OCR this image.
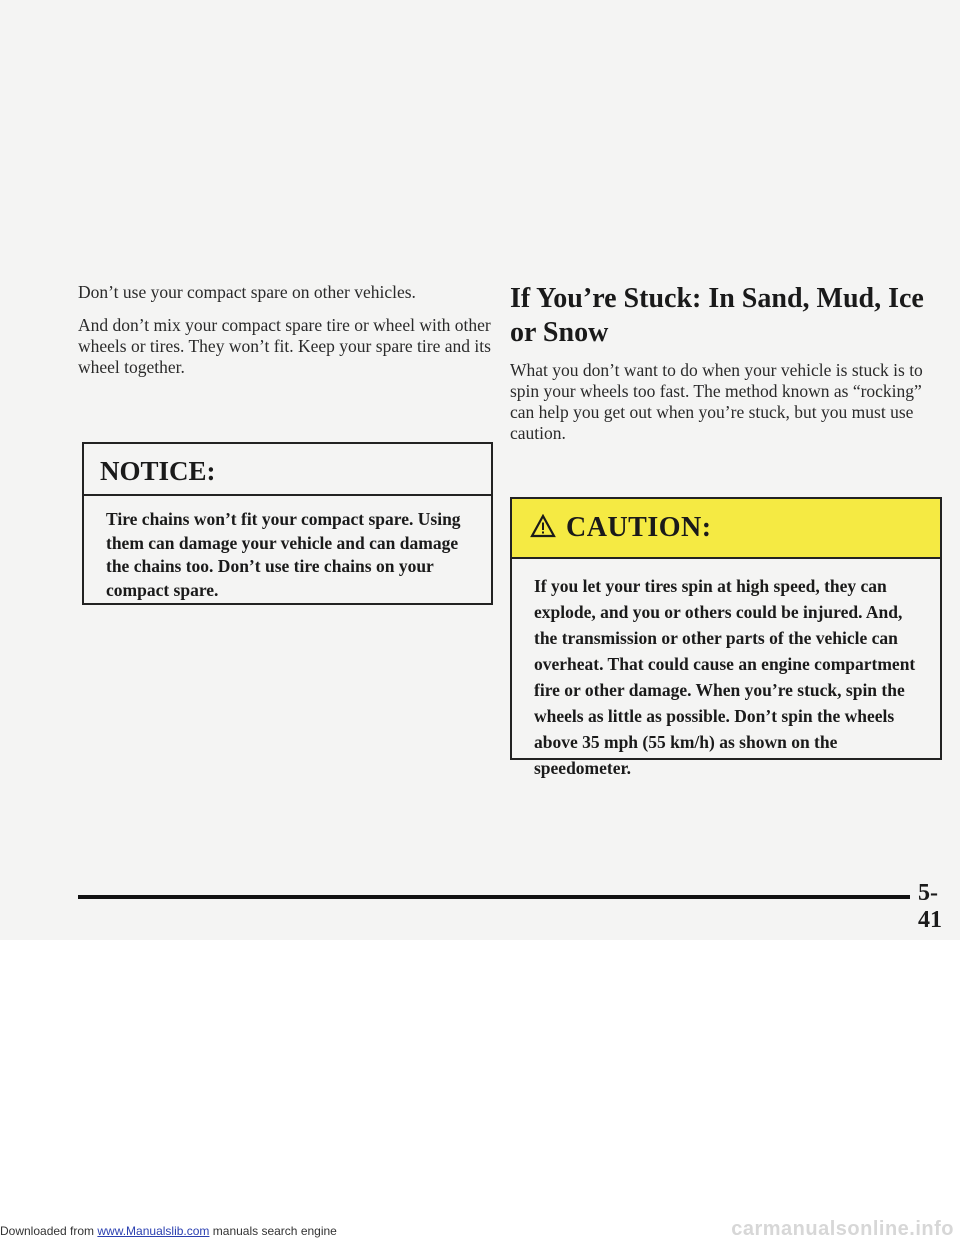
Don’t use your compact spare on other vehicles.

And don’t mix your compact spare tire or wheel with other wheels or tires. They won’t fit. Keep your spare tire and its wheel together.

NOTICE:
Tire chains won’t fit your compact spare. Using them can damage your vehicle and can damage the chains too. Don’t use tire chains on your compact spare.
If You’re Stuck: In Sand, Mud, Ice or Snow

What you don’t want to do when your vehicle is stuck is to spin your wheels too fast. The method known as “rocking” can help you get out when you’re stuck, but you must use caution.

CAUTION:
If you let your tires spin at high speed, they can explode, and you or others could be injured. And, the transmission or other parts of the vehicle can overheat. That could cause an engine compartment fire or other damage. When you’re stuck, spin the wheels as little as possible. Don’t spin the wheels above 35 mph (55 km/h) as shown on the speedometer.
5-41
Downloaded from www.Manualslib.com manuals search engine	carmanualsonline.info
